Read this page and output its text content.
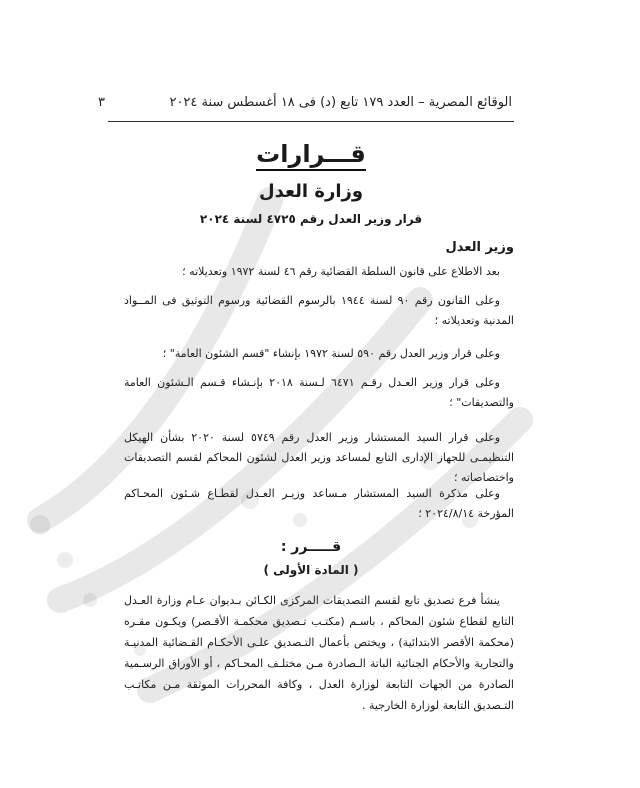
الوقائع المصرية – العدد ١٧٩ تابع (د) فى ١٨ أغسطس سنة ٢٠٢٤
٣
قـــرارات
وزارة العدل
قرار وزير العدل رقم ٤٧٢٥ لسنة ٢٠٢٤
وزير العدل
بعد الاطلاع على قانون السلطة القضائية رقم ٤٦ لسنة ١٩٧٢ وتعديلاته ؛
وعلى القانون رقم ٩٠ لسنة ١٩٤٤ بالرسوم القضائية ورسوم التوثيق فى المــواد المدنية وتعديلاته ؛
وعلى قرار وزير العدل رقم ٥٩٠ لسنة ١٩٧٢ بإنشاء "قسم الشئون العامة" ؛
وعلى قرار وزير العـدل رقـم ٦٤٧١ لـسنة ٢٠١٨ بإنـشاء قـسم الـشئون العامة والتصديقات" ؛
وعلى قرار السيد المستشار وزير العدل رقم ٥٧٤٩ لسنة ٢٠٢٠ بشأن الهيكل التنظيمـى للجهاز الإدارى التابع لمساعد وزير العدل لشئون المحاكم لقسم التصديقات واختصاصاته ؛
وعلى مذكرة السيد المستشار مـساعد وزيـر العـدل لقطـاع شـئون المحـاكم المؤرخة ٢٠٢٤/٨/١٤ ؛
قـــــرر :
( المادة الأولى )
ينشأ فرع تصديق تابع لقسم التصديقات المركزى الكـائن بـديوان عـام وزارة العـدل التابع لقطاع شئون المحاكم ، باسـم (مكتـب تـصديق محكمـة الأقـصر) ويكـون مقـره (محكمة الأقصر الابتدائية) ، ويختص بأعمال التـصديق علـى الأحكـام القـضائية المدنيـة والتجارية والأحكام الجنائية الباتة الـصادرة مـن مختلـف المحـاكم ، أو الأوراق الرسـمية الصادرة من الجهات التابعة لوزارة العدل ، وكافة المحررات الموثقة مـن مكاتـب التـصديق التابعة لوزارة الخارجية .
